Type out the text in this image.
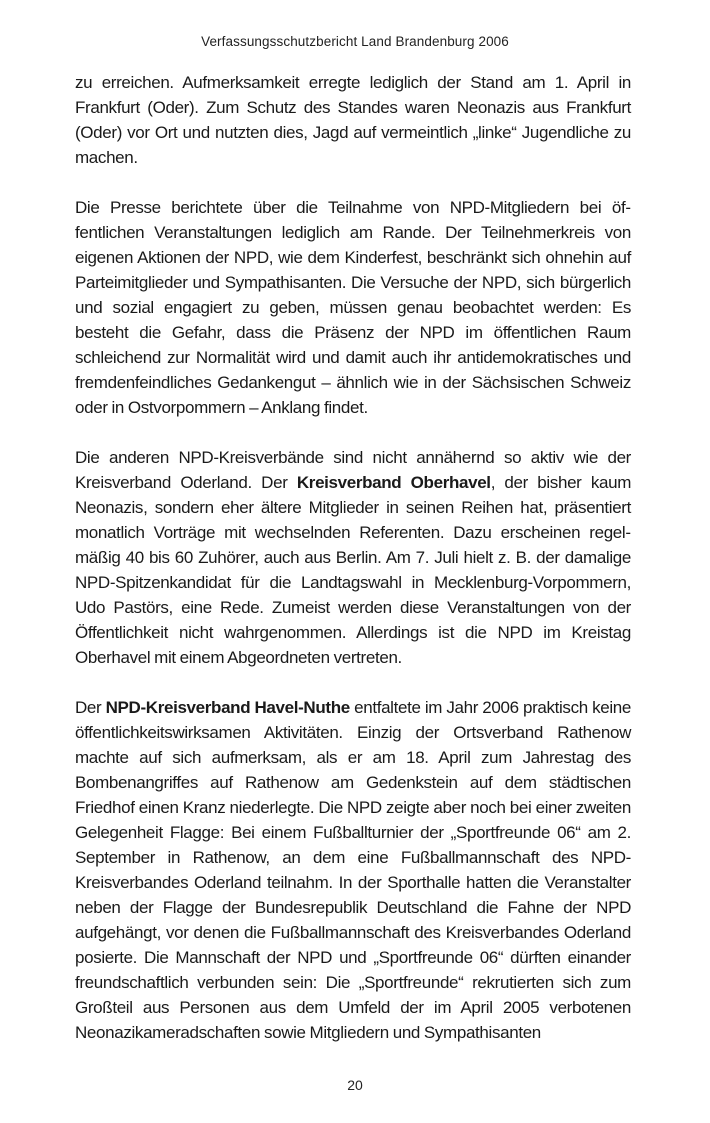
Verfassungsschutzbericht Land Brandenburg 2006

zu erreichen. Aufmerksamkeit erregte lediglich der Stand am 1. April in Frankfurt (Oder). Zum Schutz des Standes waren Neonazis aus Frankfurt (Oder) vor Ort und nutzten dies, Jagd auf vermeintlich „linke“ Jugendliche zu machen.

Die Presse berichtete über die Teilnahme von NPD-Mitgliedern bei öffentlichen Veranstaltungen lediglich am Rande. Der Teilnehmerkreis von eigenen Aktionen der NPD, wie dem Kinderfest, beschränkt sich ohnehin auf Parteimitglieder und Sympathisanten. Die Versuche der NPD, sich bürgerlich und sozial engagiert zu geben, müssen genau beobachtet werden: Es besteht die Gefahr, dass die Präsenz der NPD im öffentlichen Raum schleichend zur Normalität wird und damit auch ihr antidemokratisches und fremdenfeindliches Gedankengut – ähnlich wie in der Sächsischen Schweiz oder in Ostvorpommern – Anklang findet.

Die anderen NPD-Kreisverbände sind nicht annähernd so aktiv wie der Kreisverband Oderland. Der Kreisverband Oberhavel, der bisher kaum Neonazis, sondern eher ältere Mitglieder in seinen Reihen hat, präsentiert monatlich Vorträge mit wechselnden Referenten. Dazu erscheinen regelmäßig 40 bis 60 Zuhörer, auch aus Berlin. Am 7. Juli hielt z. B. der damalige NPD-Spitzenkandidat für die Landtagswahl in Mecklenburg-Vorpommern, Udo Pastörs, eine Rede. Zumeist werden diese Veranstaltungen von der Öffentlichkeit nicht wahrgenommen. Allerdings ist die NPD im Kreistag Oberhavel mit einem Abgeordneten vertreten.

Der NPD-Kreisverband Havel-Nuthe entfaltete im Jahr 2006 praktisch keine öffentlichkeitswirksamen Aktivitäten. Einzig der Ortsverband Rathenow machte auf sich aufmerksam, als er am 18. April zum Jahrestag des Bombenangriffes auf Rathenow am Gedenkstein auf dem städtischen Friedhof einen Kranz niederlegte. Die NPD zeigte aber noch bei einer zweiten Gelegenheit Flagge: Bei einem Fußballturnier der „Sportfreunde 06“ am 2. September in Rathenow, an dem eine Fußballmannschaft des NPD-Kreisverbandes Oderland teilnahm. In der Sporthalle hatten die Veranstalter neben der Flagge der Bundesrepublik Deutschland die Fahne der NPD aufgehängt, vor denen die Fußballmannschaft des Kreisverbandes Oderland posierte. Die Mannschaft der NPD und „Sportfreunde 06“ dürften einander freundschaftlich verbunden sein: Die „Sportfreunde“ rekrutierten sich zum Großteil aus Personen aus dem Umfeld der im April 2005 verbotenen Neonazikameradschaften sowie Mitgliedern und Sympathisanten

20
